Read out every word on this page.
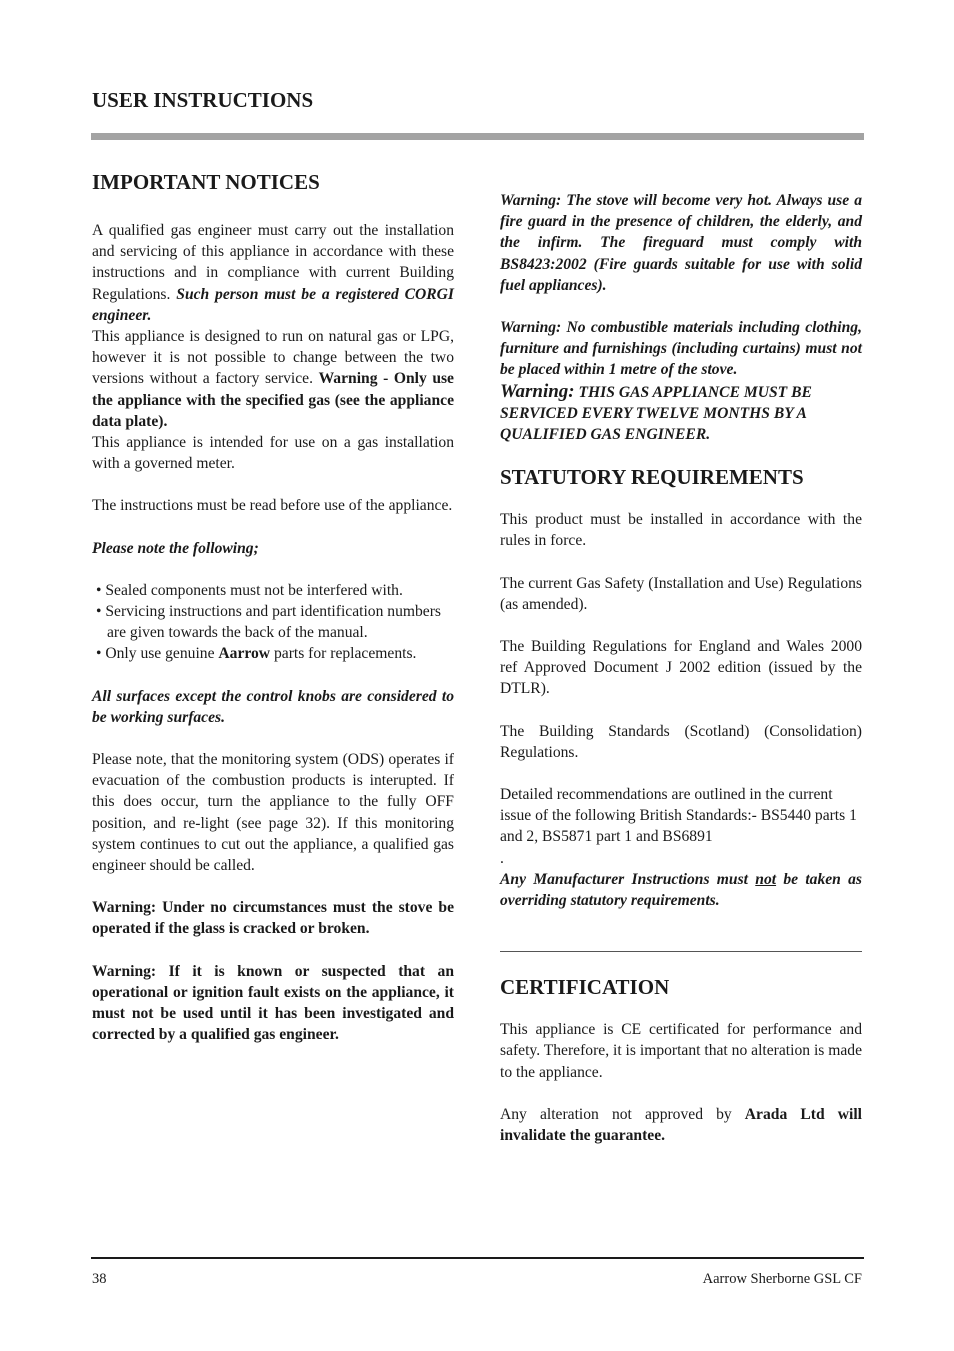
USER INSTRUCTIONS
IMPORTANT NOTICES

A qualified gas engineer must carry out the installation and servicing of this appliance in accordance with these instructions and in compliance with current Building Regulations. Such person must be a registered CORGI engineer.

This appliance is designed to run on natural gas or LPG, however it is not possible to change between the two versions without a factory service. Warning - Only use the appliance with the specified gas (see the appliance data plate).

This appliance is intended for use on a gas installation with a governed meter.

The instructions must be read before use of the appliance.

Please note the following;

• Sealed components must not be interfered with.
• Servicing instructions and part identification numbers are given towards the back of the manual.
• Only use genuine Aarrow parts for replacements.

All surfaces except the control knobs are considered to be working surfaces.

Please note, that the monitoring system (ODS) operates if evacuation of the combustion products is interupted. If this does occur, turn the appliance to the fully OFF position, and re-light (see page 32). If this monitoring system continues to cut out the appliance, a qualified gas engineer should be called.

Warning: Under no circumstances must the stove be operated if the glass is cracked or broken.

Warning: If it is known or suspected that an operational or ignition fault exists on the appliance, it must not be used until it has been investigated and corrected by a qualified gas engineer.

Warning: The stove will become very hot. Always use a fire guard in the presence of children, the elderly, and the infirm. The fireguard must comply with BS8423:2002 (Fire guards suitable for use with solid fuel appliances).

Warning: No combustible materials including clothing, furniture and furnishings (including curtains) must not be placed within 1 metre of the stove.

Warning: THIS GAS APPLIANCE MUST BE SERVICED EVERY TWELVE MONTHS BY A QUALIFIED GAS ENGINEER.

STATUTORY REQUIREMENTS

This product must be installed in accordance with the rules in force.

The current Gas Safety (Installation and Use) Regulations (as amended).

The Building Regulations for England and Wales 2000 ref Approved Document J 2002 edition (issued by the DTLR).

The Building Standards (Scotland) (Consolidation) Regulations.

Detailed recommendations are outlined in the current issue of the following British Standards:- BS5440 parts 1 and 2, BS5871 part 1 and BS6891
.

Any Manufacturer Instructions must not be taken as overriding statutory requirements.

CERTIFICATION

This appliance is CE certificated for performance and safety. Therefore, it is important that no alteration is made to the appliance.

Any alteration not approved by Arada Ltd will invalidate the guarantee.

38	Aarrow Sherborne GSL CF
